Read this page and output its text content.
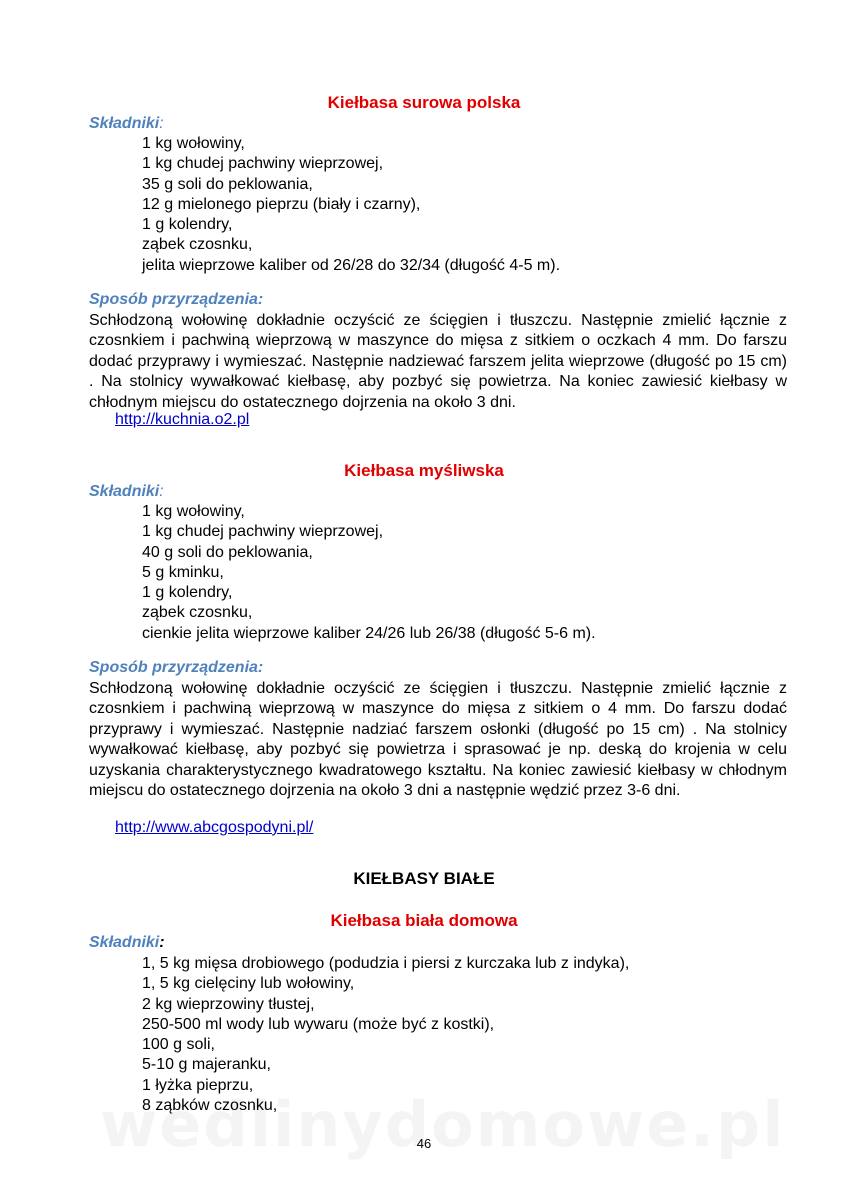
Kiełbasa surowa polska
Składniki:
1 kg wołowiny,
1 kg chudej pachwiny wieprzowej,
35 g soli do peklowania,
12 g mielonego pieprzu (biały i czarny),
1 g kolendry,
ząbek czosnku,
jelita wieprzowe kaliber od 26/28 do 32/34 (długość 4-5 m).
Sposób przyrządzenia:

Schłodzoną wołowinę dokładnie oczyścić ze ścięgien i tłuszczu. Następnie zmielić łącznie z czosnkiem i pachwiną wieprzową w maszynce do mięsa z sitkiem o oczkach 4 mm. Do farszu dodać przyprawy i wymieszać. Następnie nadziewać farszem jelita wieprzowe (długość po 15 cm) . Na stolnicy wywałkować kiełbasę, aby pozbyć się powietrza. Na koniec zawiesić kiełbasy w chłodnym miejscu do ostatecznego dojrzenia na około 3 dni.

http://kuchnia.o2.pl
Kiełbasa myśliwska
Składniki:
1 kg wołowiny,
1 kg chudej pachwiny wieprzowej,
40 g soli do peklowania,
5 g kminku,
1 g kolendry,
ząbek czosnku,
cienkie jelita wieprzowe kaliber 24/26 lub 26/38 (długość 5-6 m).
Sposób przyrządzenia:

Schłodzoną wołowinę dokładnie oczyścić ze ścięgien i tłuszczu. Następnie zmielić łącznie z czosnkiem i pachwiną wieprzową w maszynce do mięsa z sitkiem o 4 mm. Do farszu dodać przyprawy i wymieszać. Następnie nadziać farszem osłonki (długość po 15 cm) . Na stolnicy wywałkować kiełbasę, aby pozbyć się powietrza i sprasować je np. deską do krojenia w celu uzyskania charakterystycznego kwadratowego kształtu. Na koniec zawiesić kiełbasy w chłodnym miejscu do ostatecznego dojrzenia na około 3 dni a następnie wędzić przez 3-6 dni.

http://www.abcgospodyni.pl/
KIEŁBASY BIAŁE
Kiełbasa biała domowa
Składniki:
1, 5 kg mięsa drobiowego (podudzia i piersi z kurczaka lub z indyka),
1, 5 kg cielęciny lub wołowiny,
2 kg wieprzowiny tłustej,
250-500 ml wody lub wywaru (może być z kostki),
100 g soli,
5-10 g majeranku,
1 łyżka pieprzu,
8 ząbków czosnku,
46
